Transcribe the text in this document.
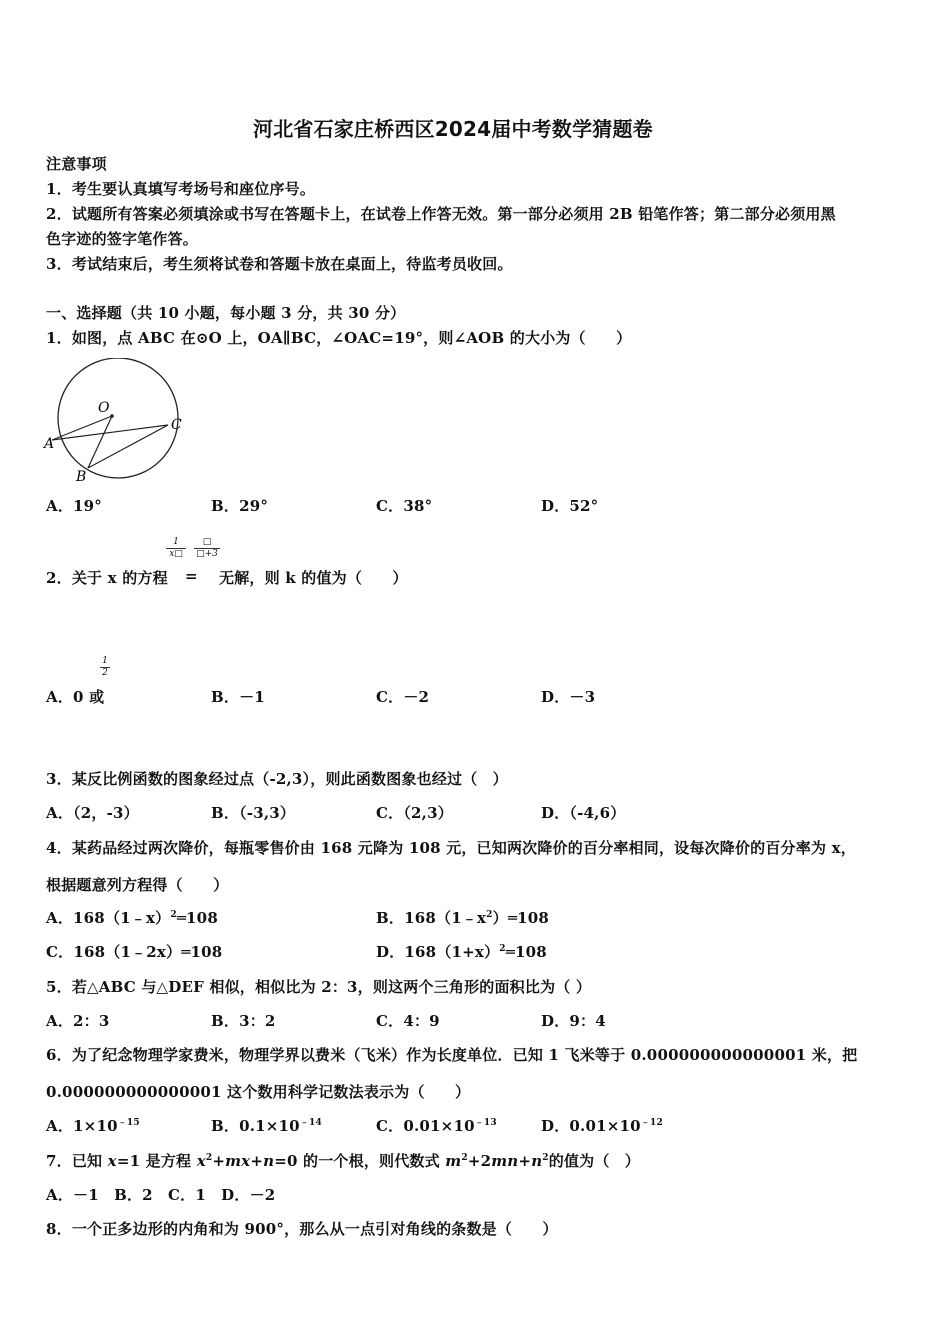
河北省石家庄桥西区2024届中考数学猜题卷
注意事项
1．考生要认真填写考场号和座位序号。
2．试题所有答案必须填涂或书写在答题卡上，在试卷上作答无效。第一部分必须用 2B 铅笔作答；第二部分必须用黑
色字迹的签字笔作答。
3．考试结束后，考生须将试卷和答题卡放在桌面上，待监考员收回。
一、选择题（共 10 小题，每小题 3 分，共 30 分）
1．如图，点 ABC 在⊙O 上，OA∥BC，∠OAC=19°，则∠AOB 的大小为（　　）
O
A
B
C
A．19°	B．29°	C．38°	D．52°
$\frac{1}{x□}$	□
□+3
2．关于 x 的方程 = 无解，则 k 的值为（　　）
$\frac{1}{2}$
A．0 或	B．－1	C．－2	D．－3
3．某反比例函数的图象经过点（-2,3），则此函数图象也经过（　）
A．（2，-3）	B．（-3,3）	C．（2,3）	D．（-4,6）
4．某药品经过两次降价，每瓶零售价由 168 元降为 108 元，已知两次降价的百分率相同，设每次降价的百分率为 x，
根据题意列方程得（　　）
A．168（1﹣x）$^2$═108	B．$168(1﹣x^2)═108$
C．168（1﹣2x）═108	D．$168(1+x)^2═108$
5．若△ABC 与△DEF 相似，相似比为 2：3，则这两个三角形的面积比为（ ）
A．2：3	B．3：2	C．4：9	D．9：4
6．为了纪念物理学家费米，物理学界以费米（飞米）作为长度单位．已知 1 飞米等于 0.000000000000001 米，把
0.000000000000001 这个数用科学记数法表示为（　　）
A．$1\times 10^{﹣15}$	B．$0.1\times 10^{﹣14}$	C．$0.01\times 10^{﹣13}$	D．$0.01\times 10^{﹣12}$
7．已知 x=1 是方程 $x^2+mx+n=0$ 的一个根，则代数式 $m^2+2mn+n^2$的值为（　）
A．－1　B．2　C．1　D．－2
8．一个正多边形的内角和为 900°，那么从一点引对角线的条数是（　　）
